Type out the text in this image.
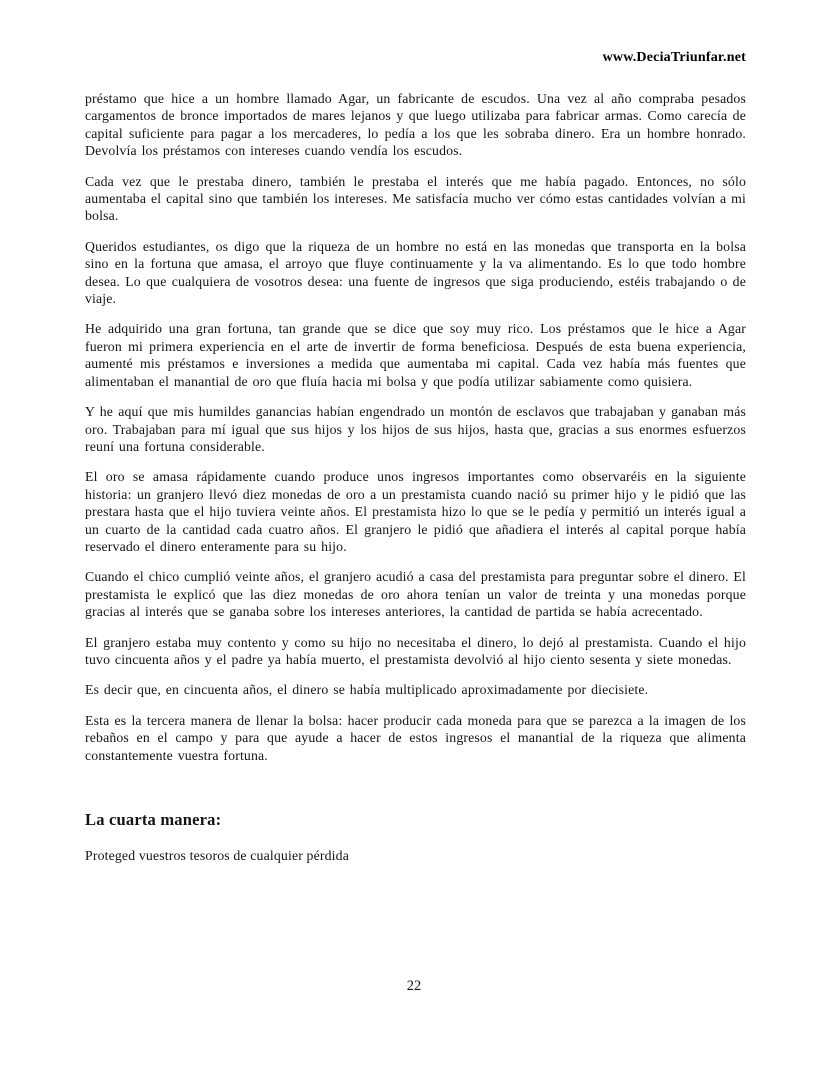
www.DeciaTriunfar.net

préstamo que hice a un hombre llamado Agar, un fabricante de escudos. Una vez al año compraba pesados cargamentos de bronce importados de mares lejanos y que luego utilizaba para fabricar armas. Como carecía de capital suficiente para pagar a los mercaderes, lo pedía a los que les sobraba dinero. Era un hombre honrado. Devolvía los préstamos con intereses cuando vendía los escudos.

Cada vez que le prestaba dinero, también le prestaba el interés que me había pagado. Entonces, no sólo aumentaba el capital sino que también los intereses. Me satisfacía mucho ver cómo estas cantidades volvían a mi bolsa.

Queridos estudiantes, os digo que la riqueza de un hombre no está en las monedas que transporta en la bolsa sino en la fortuna que amasa, el arroyo que fluye continuamente y la va alimentando. Es lo que todo hombre desea. Lo que cualquiera de vosotros desea: una fuente de ingresos que siga produciendo, estéis trabajando o de viaje.

He adquirido una gran fortuna, tan grande que se dice que soy muy rico. Los préstamos que le hice a Agar fueron mi primera experiencia en el arte de invertir de forma beneficiosa. Después de esta buena experiencia, aumenté mis préstamos e inversiones a medida que aumentaba mi capital. Cada vez había más fuentes que alimentaban el manantial de oro que fluía hacia mi bolsa y que podía utilizar sabiamente como quisiera.

Y he aquí que mis humildes ganancias habían engendrado un montón de esclavos que trabajaban y ganaban más oro. Trabajaban para mí igual que sus hijos y los hijos de sus hijos, hasta que, gracias a sus enormes esfuerzos reuní una fortuna considerable.

El oro se amasa rápidamente cuando produce unos ingresos importantes como observaréis en la siguiente historia: un granjero llevó diez monedas de oro a un prestamista cuando nació su primer hijo y le pidió que las prestara hasta que el hijo tuviera veinte años. El prestamista hizo lo que se le pedía y permitió un interés igual a un cuarto de la cantidad cada cuatro años. El granjero le pidió que añadiera el interés al capital porque había reservado el dinero enteramente para su hijo.

Cuando el chico cumplió veinte años, el granjero acudió a casa del prestamista para preguntar sobre el dinero. El prestamista le explicó que las diez monedas de oro ahora tenían un valor de treinta y una monedas porque gracias al interés que se ganaba sobre los intereses anteriores, la cantidad de partida se había acrecentado.

El granjero estaba muy contento y como su hijo no necesitaba el dinero, lo dejó al prestamista. Cuando el hijo tuvo cincuenta años y el padre ya había muerto, el prestamista devolvió al hijo ciento sesenta y siete monedas.

Es decir que, en cincuenta años, el dinero se había multiplicado aproximadamente por diecisiete.

Esta es la tercera manera de llenar la bolsa: hacer producir cada moneda para que se parezca a la imagen de los rebaños en el campo y para que ayude a hacer de estos ingresos el manantial de la riqueza que alimenta constantemente vuestra fortuna.

La cuarta manera:

Proteged vuestros tesoros de cualquier pérdida

22
